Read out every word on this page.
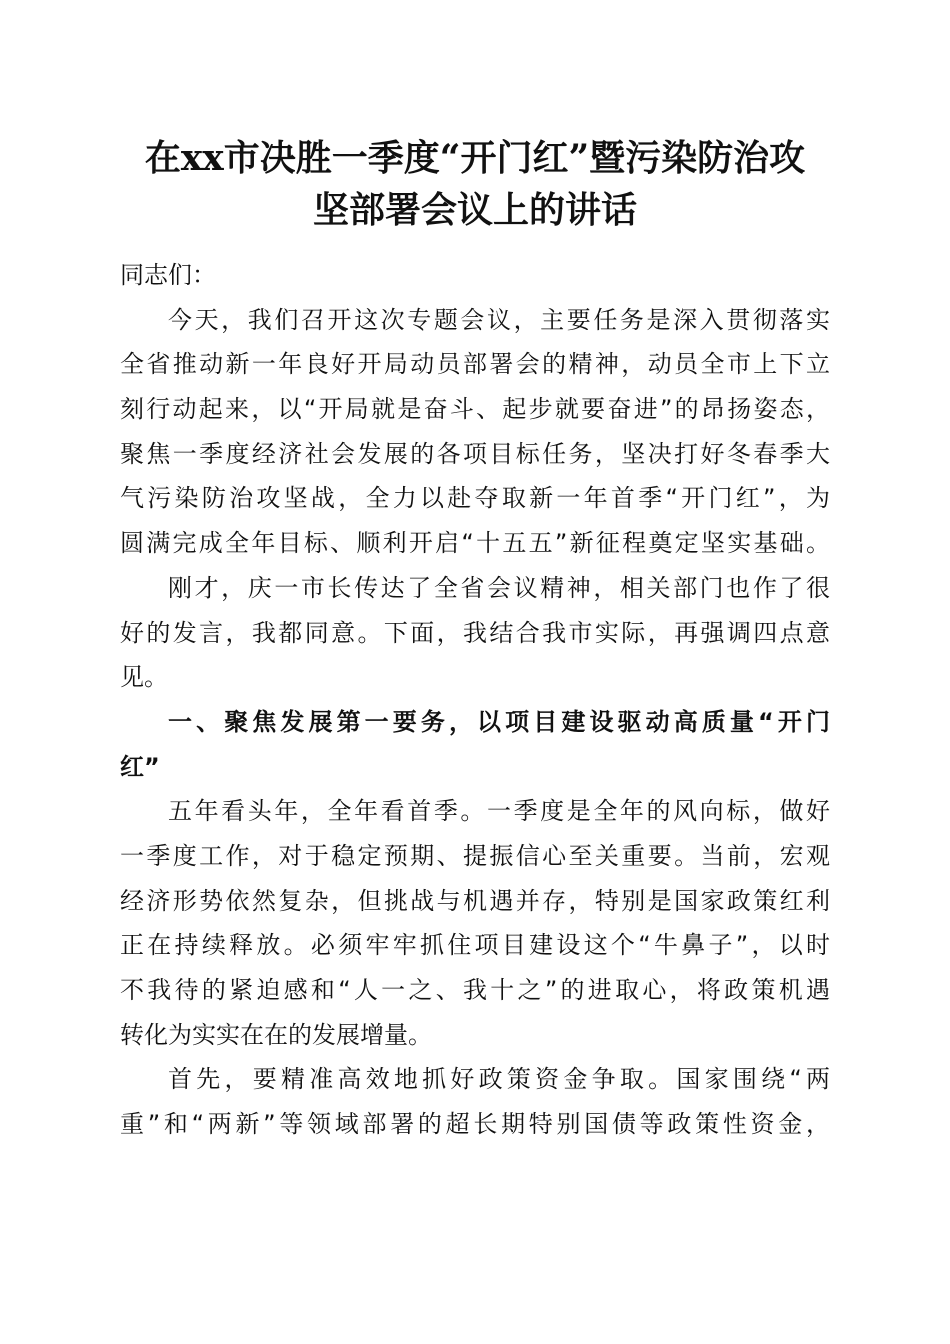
在xx市决胜一季度“开门红”暨污染防治攻
坚部署会议上的讲话
同志们：
今天，我们召开这次专题会议，主要任务是深入贯彻落实
全省推动新一年良好开局动员部署会的精神，动员全市上下立
刻行动起来，以“开局就是奋斗、起步就要奋进”的昂扬姿态，
聚焦一季度经济社会发展的各项目标任务，坚决打好冬春季大
气污染防治攻坚战，全力以赴夺取新一年首季“开门红”，为
圆满完成全年目标、顺利开启“十五五”新征程奠定坚实基础。
刚才，庆一市长传达了全省会议精神，相关部门也作了很
好的发言，我都同意。下面，我结合我市实际，再强调四点意
见。
一、聚焦发展第一要务，以项目建设驱动高质量“开门
红”
五年看头年，全年看首季。一季度是全年的风向标，做好
一季度工作，对于稳定预期、提振信心至关重要。当前，宏观
经济形势依然复杂，但挑战与机遇并存，特别是国家政策红利
正在持续释放。必须牢牢抓住项目建设这个“牛鼻子”，以时
不我待的紧迫感和“人一之、我十之”的进取心，将政策机遇
转化为实实在在的发展增量。
首先，要精准高效地抓好政策资金争取。国家围绕“两
重”和“两新”等领域部署的超长期特别国债等政策性资金，
